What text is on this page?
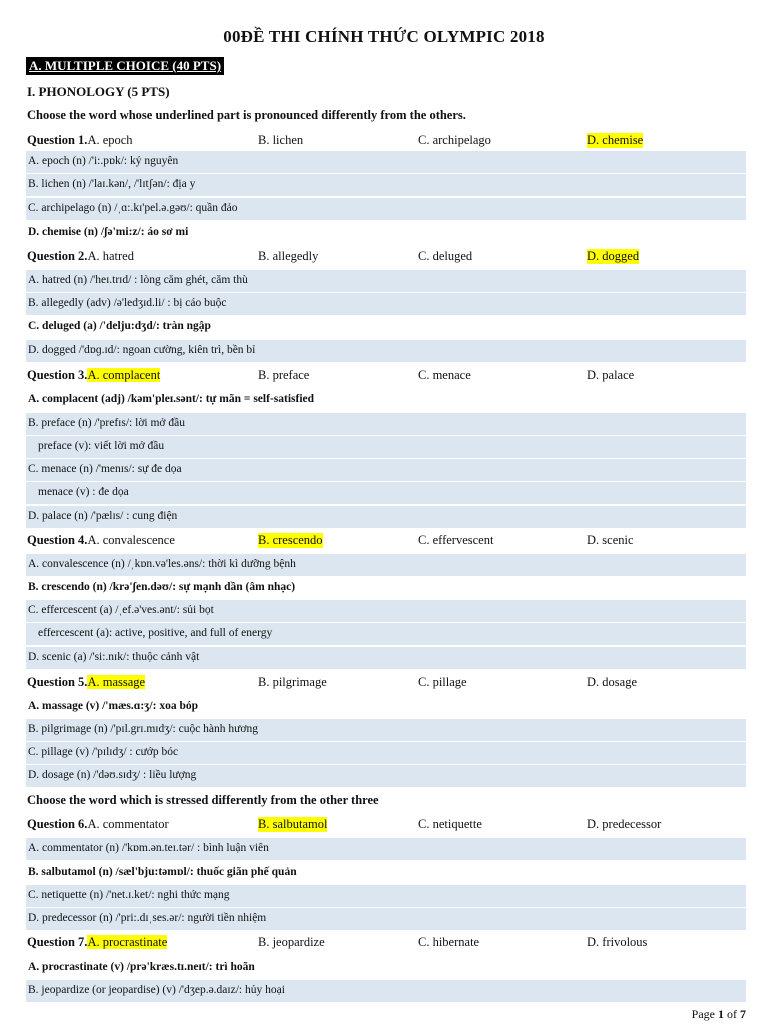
00ĐỀ THI CHÍNH THỨC OLYMPIC 2018
A. MULTIPLE CHOICE (40 PTS)
I. PHONOLOGY (5 PTS)
Choose the word whose underlined part is pronounced differently from the others.
Question 1.A. epoch	B. lichen	C. archipelago	D. chemise
A. epoch (n) /'i:.pɒk/: kỷ nguyên
B. lichen (n) /'laɪ.kən/, /'lɪtʃən/: địa y
C. archipelago (n) /ˌɑ:.kɪ'pel.ə.gəʊ/: quần đảo
D. chemise (n) /ʃə'mi:z/: áo sơ mi
Question 2.A. hatred	B. allegedly	C. deluged	D. dogged
A. hatred (n) /'heɪ.trɪd/ : lòng căm ghét, căm thù
B. allegedly (adv) /ə'ledʒɪd.li/ : bị cáo buộc
C. deluged (a) /'delju:dʒd/: tràn ngập
D. dogged /'dɒɡ.ɪd/: ngoan cường, kiên trì, bền bỉ
Question 3.A. complacent	B. preface	C. menace	D. palace
A. complacent (adj) /kəm'pleɪ.sənt/: tự mãn = self-satisfied
B. preface (n) /'prefɪs/: lời mở đầu
preface (v): viết lời mở đầu
C. menace (n) /'menɪs/: sự đe dọa
menace (v) : đe dọa
D. palace (n) /'pælɪs/ : cung điện
Question 4.A. convalescence	B. crescendo	C. effervescent	D. scenic
A. convalescence (n) /ˌkɒn.və'les.əns/: thời kì dưỡng bệnh
B. crescendo (n) /krə'ʃen.dəʊ/: sự mạnh dần (âm nhạc)
C. effercescent (a) /ˌef.ə'ves.ənt/: sủi bọt
effercescent (a): active, positive, and full of energy
D. scenic (a) /'si:.nɪk/: thuộc cảnh vật
Question 5.A. massage	B. pilgrimage	C. pillage	D. dosage
A. massage (v) /'mæs.ɑ:ʒ/: xoa bóp
B. pilgrimage (n) /'pɪl.grɪ.mɪdʒ/: cuộc hành hương
C. pillage (v) /'pɪlɪdʒ/ : cướp bóc
D. dosage (n) /'dəʊ.sɪdʒ/ : liều lượng
Choose the word which is stressed differently from the other three
Question 6.A. commentator	B. salbutamol	C. netiquette	D. predecessor
A. commentator (n) /'kɒm.ən.teɪ.tər/ : bình luận viên
B. salbutamol (n) /sæl'bju:təmɒl/: thuốc giãn phế quản
C. netiquette (n) /'net.ɪ.ket/: nghi thức mạng
D. predecessor (n) /'pri:.dɪˌses.ər/: người tiền nhiệm
Question 7.A. procrastinate	B. jeopardize	C. hibernate	D. frivolous
A. procrastinate (v) /prə'kræs.tɪ.neɪt/: trì hoãn
B. jeopardize (or jeopardise) (v) /'dʒep.ə.daɪz/: hủy hoại
Page 1 of 7
